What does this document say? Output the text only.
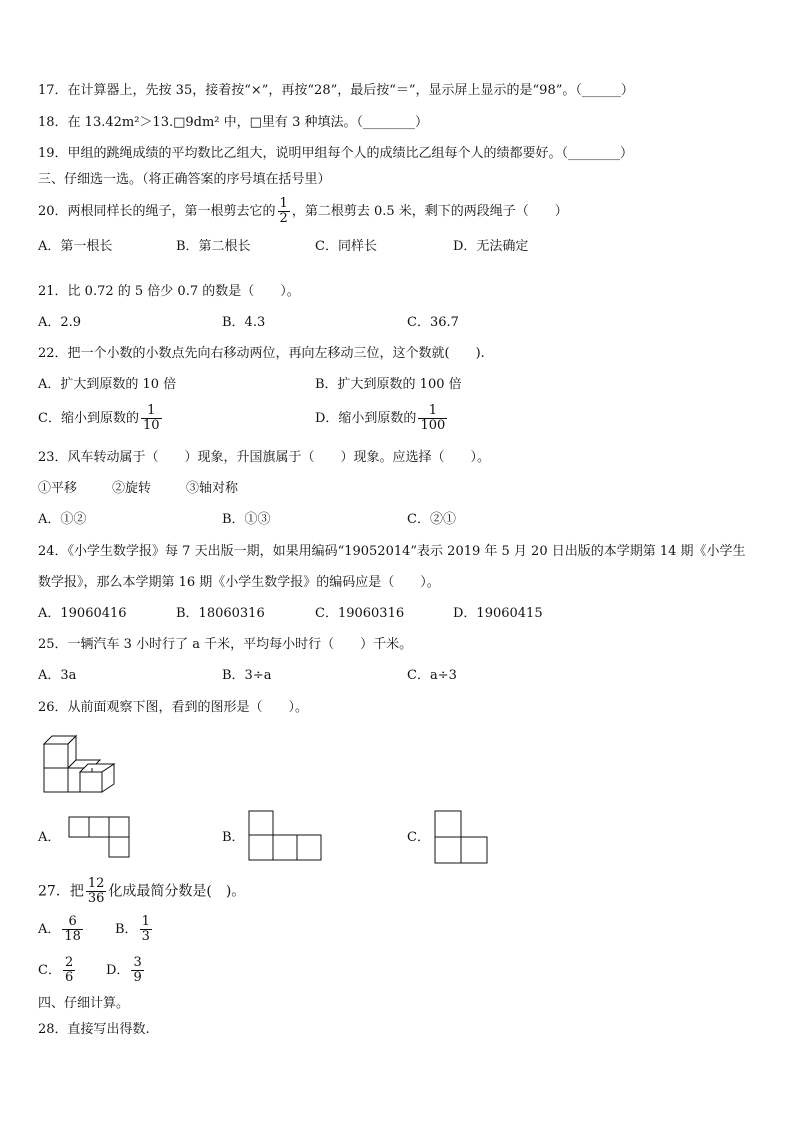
17．在计算器上，先按 35，接着按“×”，再按“28”，最后按“＝”，显示屏上显示的是“98”。（______）
18．在 13.42m²＞13.□9dm² 中，□里有 3 种填法。（________）
19．甲组的跳绳成绩的平均数比乙组大，说明甲组每个人的成绩比乙组每个人的绩都要好。（________）
三、仔细选一选。（将正确答案的序号填在括号里）
20．两根同样长的绳子，第一根剪去它的 $\frac{1}{2}$ ，第二根剪去 0.5 米，剩下的两段绳子（　　）
A．第一根长	B．第二根长	C．同样长	D．无法确定
21．比 0.72 的 5 倍少 0.7 的数是（　　）。
A．2.9	B．4.3	C．36.7
22．把一个小数的小数点先向右移动两位，再向左移动三位，这个数就(　　).
A．扩大到原数的 10 倍	B．扩大到原数的 100 倍
C．缩小到原数的 $\frac{1}{10}$	D．缩小到原数的 $\frac{1}{100}$
23．风车转动属于（　　）现象，升国旗属于（　　）现象。应选择（　　）。
①平移	②旋转	③轴对称
A．①②	B．①③	C．②①
24．《小学生数学报》每 7 天出版一期，如果用编码“19052014”表示 2019 年 5 月 20 日出版的本学期第 14 期《小学生
数学报》，那么本学期第 16 期《小学生数学报》的编码应是（　　）。
A．19060416	B．18060316	C．19060316	D．19060415
25．一辆汽车 3 小时行了 a 千米，平均每小时行（　　）千米。
A．3a	B．3÷a	C．a÷3
26．从前面观察下图，看到的图形是（　　）。
A．	B．	C．
27．把 $\frac{12}{36}$ 化成最简分数是(　)。
A． $\frac{6}{18}$ B． $\frac{1}{3}$
C． $\frac{2}{6}$ D． $\frac{3}{9}$
四、仔细计算。
28．直接写出得数.
